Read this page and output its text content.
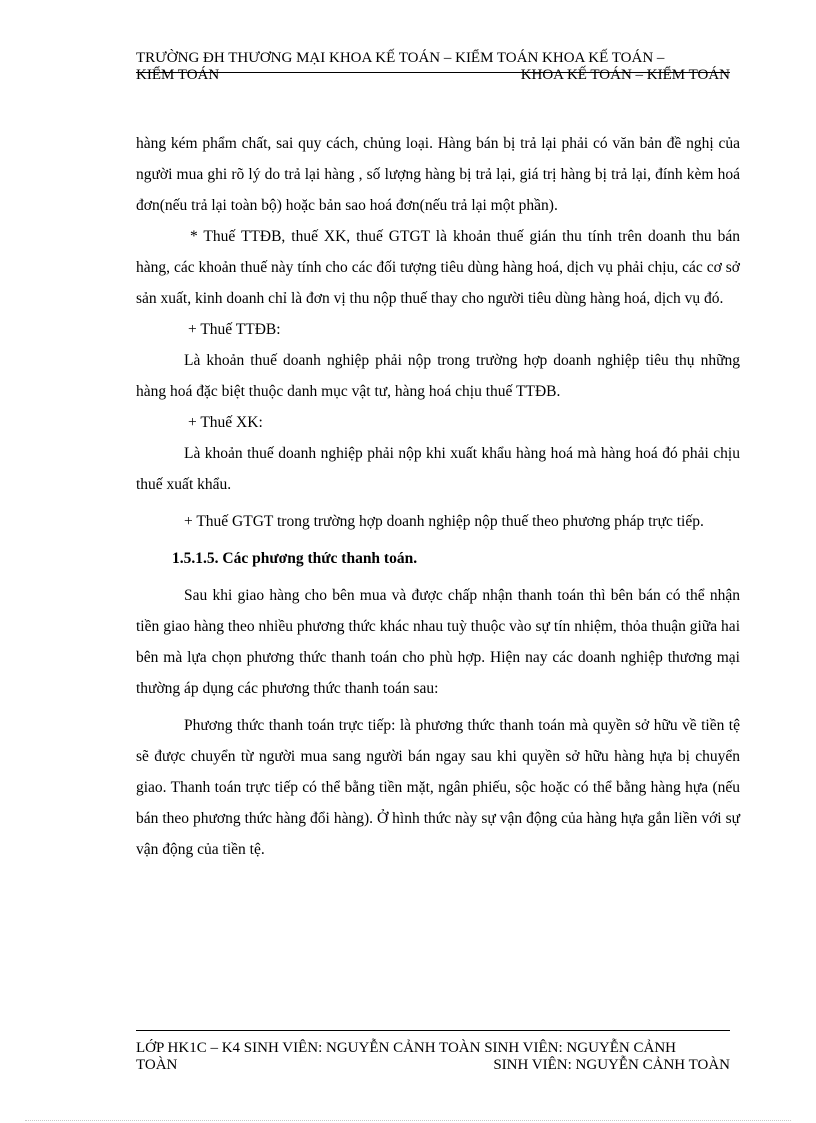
TRƯỜNG ĐH THƯƠNG MẠI KHOA KẾ TOÁN – KIỂM TOÁN KHOA KẾ TOÁN –
KIỂM TOÁN	KHOA KẾ TOÁN – KIỂM TOÁN

hàng kém phẩm chất, sai quy cách, chủng loại. Hàng bán bị trả lại phải có văn bản đề nghị của người mua ghi rõ lý do trả lại hàng , số lượng hàng bị trả lại, giá trị hàng bị trả lại, đính kèm hoá đơn(nếu trả lại toàn bộ) hoặc bản sao hoá đơn(nếu trả lại một phần).

* Thuế TTĐB, thuế XK, thuế GTGT là khoản thuế gián thu tính trên doanh thu bán hàng, các khoản thuế này tính cho các đối tượng tiêu dùng hàng hoá, dịch vụ phải chịu, các cơ sở sản xuất, kinh doanh chỉ là đơn vị thu nộp thuế thay cho người tiêu dùng hàng hoá, dịch vụ đó.

+ Thuế TTĐB:

Là khoản thuế doanh nghiệp phải nộp trong trường hợp doanh nghiệp tiêu thụ những hàng hoá đặc biệt thuộc danh mục vật tư, hàng hoá chịu thuế TTĐB.

+ Thuế XK:

Là khoản thuế doanh nghiệp phải nộp khi xuất khẩu hàng hoá mà hàng hoá đó phải chịu thuế xuất khẩu.

+ Thuế GTGT trong trường hợp doanh nghiệp nộp thuế theo phương pháp trực tiếp.

1.5.1.5. Các phương thức thanh toán.

Sau khi giao hàng cho bên mua và được chấp nhận thanh toán thì bên bán có thể nhận tiền giao hàng theo nhiều phương thức khác nhau tuỳ thuộc vào sự tín nhiệm, thỏa thuận giữa hai bên mà lựa chọn phương thức thanh toán cho phù hợp. Hiện nay các doanh nghiệp thương mại thường áp dụng các phương thức thanh toán sau:

Phương thức thanh toán trực tiếp: là phương thức thanh toán mà quyền sở hữu về tiền tệ sẽ được chuyển từ người mua sang người bán ngay sau khi quyền sở hữu hàng hựa bị chuyển giao. Thanh toán trực tiếp có thể bằng tiền mặt, ngân phiếu, sộc hoặc có thể bằng hàng hựa (nếu bán theo phương thức hàng đổi hàng). Ở hình thức này sự vận động của hàng hựa gắn liền với sự vận động của tiền tệ.

LỚP HK1C – K4 SINH VIÊN: NGUYỄN CẢNH TOÀN SINH VIÊN: NGUYỄN CẢNH
TOÀN	SINH VIÊN: NGUYỄN CẢNH TOÀN
